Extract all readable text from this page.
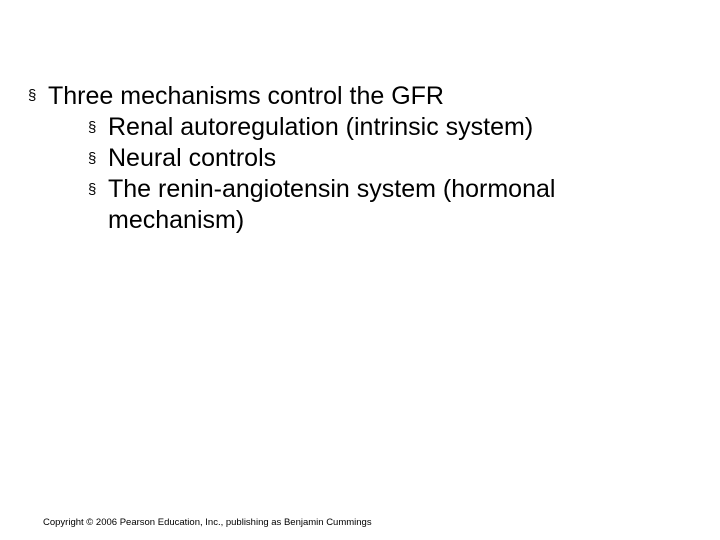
§ Three mechanisms control the GFR
§ Renal autoregulation (intrinsic system)
§ Neural controls
§ The renin-angiotensin system (hormonal mechanism)
Copyright © 2006 Pearson Education, Inc., publishing as Benjamin Cummings
